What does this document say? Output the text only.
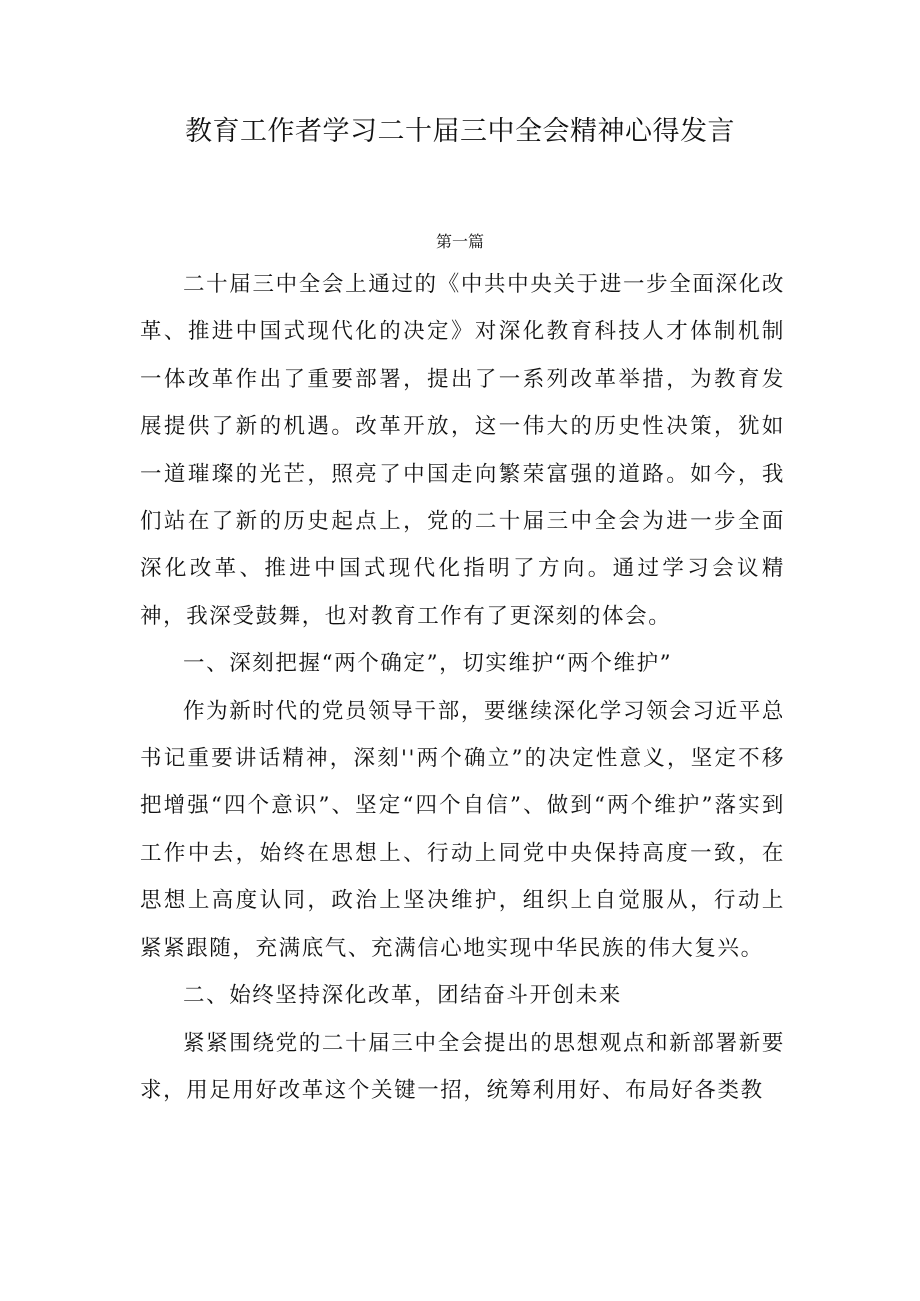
教育工作者学习二十届三中全会精神心得发言
第一篇

二十届三中全会上通过的《中共中央关于进一步全面深化改革、推进中国式现代化的决定》对深化教育科技人才体制机制一体改革作出了重要部署，提出了一系列改革举措，为教育发展提供了新的机遇。改革开放，这一伟大的历史性决策，犹如一道璀璨的光芒，照亮了中国走向繁荣富强的道路。如今，我们站在了新的历史起点上，党的二十届三中全会为进一步全面深化改革、推进中国式现代化指明了方向。通过学习会议精神，我深受鼓舞，也对教育工作有了更深刻的体会。

一、深刻把握“两个确定”，切实维护“两个维护”

作为新时代的党员领导干部，要继续深化学习领会习近平总书记重要讲话精神，深刻''两个确立”的决定性意义，坚定不移把增强“四个意识”、坚定“四个自信”、做到“两个维护”落实到工作中去，始终在思想上、行动上同党中央保持高度一致，在思想上高度认同，政治上坚决维护，组织上自觉服从，行动上紧紧跟随，充满底气、充满信心地实现中华民族的伟大复兴。

二、始终坚持深化改革，团结奋斗开创未来

紧紧围绕党的二十届三中全会提出的思想观点和新部署新要求，用足用好改革这个关键一招，统筹利用好、布局好各类教
